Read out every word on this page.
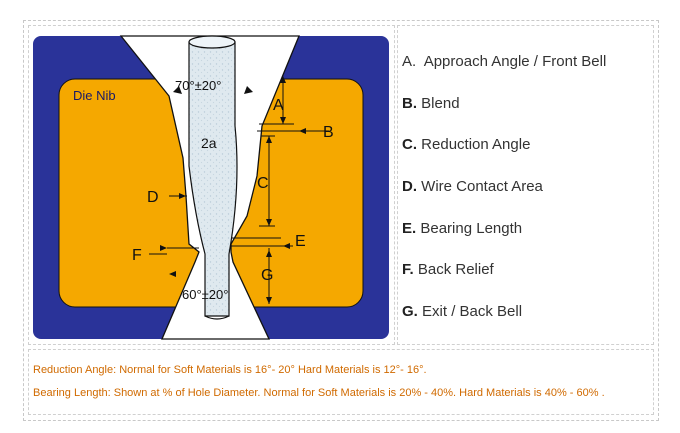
Die Nib
70°±20°
2a
60°±20°
A
B
C
D
E
F
G
A. Approach Angle / Front Bell
B. Blend
C. Reduction Angle
D. Wire Contact Area
E. Bearing Length
F. Back Relief
G. Exit / Back Bell
Reduction Angle: Normal for Soft Materials is 16°- 20° Hard Materials is 12°- 16°.
Bearing Length: Shown at % of Hole Diameter. Normal for Soft Materials is 20% - 40%. Hard Materials is 40% - 60% .
